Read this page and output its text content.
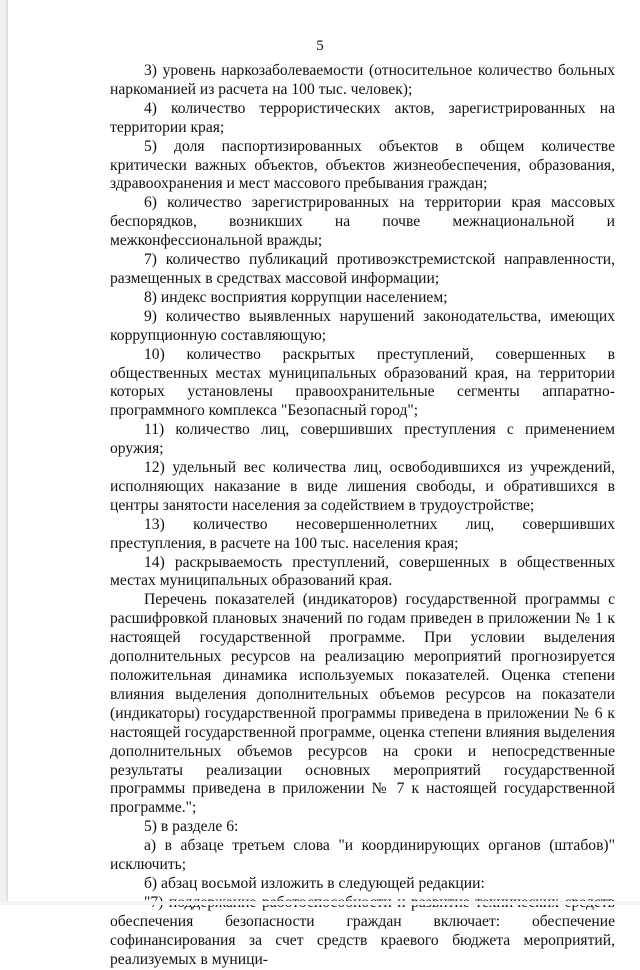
5

3) уровень наркозаболеваемости (относительное количество больных наркоманией из расчета на 100 тыс. человек);

4) количество террористических актов, зарегистрированных на территории края;

5) доля паспортизированных объектов в общем количестве критически важных объектов, объектов жизнеобеспечения, образования, здравоохранения и мест массового пребывания граждан;

6) количество зарегистрированных на территории края массовых беспорядков, возникших на почве межнациональной и межконфессиональной вражды;

7) количество публикаций противоэкстремистской направленности, размещенных в средствах массовой информации;

8) индекс восприятия коррупции населением;

9) количество выявленных нарушений законодательства, имеющих коррупционную составляющую;

10) количество раскрытых преступлений, совершенных в общественных местах муниципальных образований края, на территории которых установлены правоохранительные сегменты аппаратно-программного комплекса "Безопасный город";

11) количество лиц, совершивших преступления с применением оружия;

12) удельный вес количества лиц, освободившихся из учреждений, исполняющих наказание в виде лишения свободы, и обратившихся в центры занятости населения за содействием в трудоустройстве;

13) количество несовершеннолетних лиц, совершивших преступления, в расчете на 100 тыс. населения края;

14) раскрываемость преступлений, совершенных в общественных местах муниципальных образований края.

Перечень показателей (индикаторов) государственной программы с расшифровкой плановых значений по годам приведен в приложении № 1 к настоящей государственной программе. При условии выделения дополнительных ресурсов на реализацию мероприятий прогнозируется положительная динамика используемых показателей. Оценка степени влияния выделения дополнительных объемов ресурсов на показатели (индикаторы) государственной программы приведена в приложении № 6 к настоящей государственной программе, оценка степени влияния выделения дополнительных объемов ресурсов на сроки и непосредственные результаты реализации основных мероприятий государственной программы приведена в приложении № 7 к настоящей государственной программе.";

5) в разделе 6:

а) в абзаце третьем слова "и координирующих органов (штабов)" исключить;

б) абзац восьмой изложить в следующей редакции:

обеспечения безопасности граждан включает: обеспечение софинансирования за счет средств краевого бюджета мероприятий, реализуемых в муници-
